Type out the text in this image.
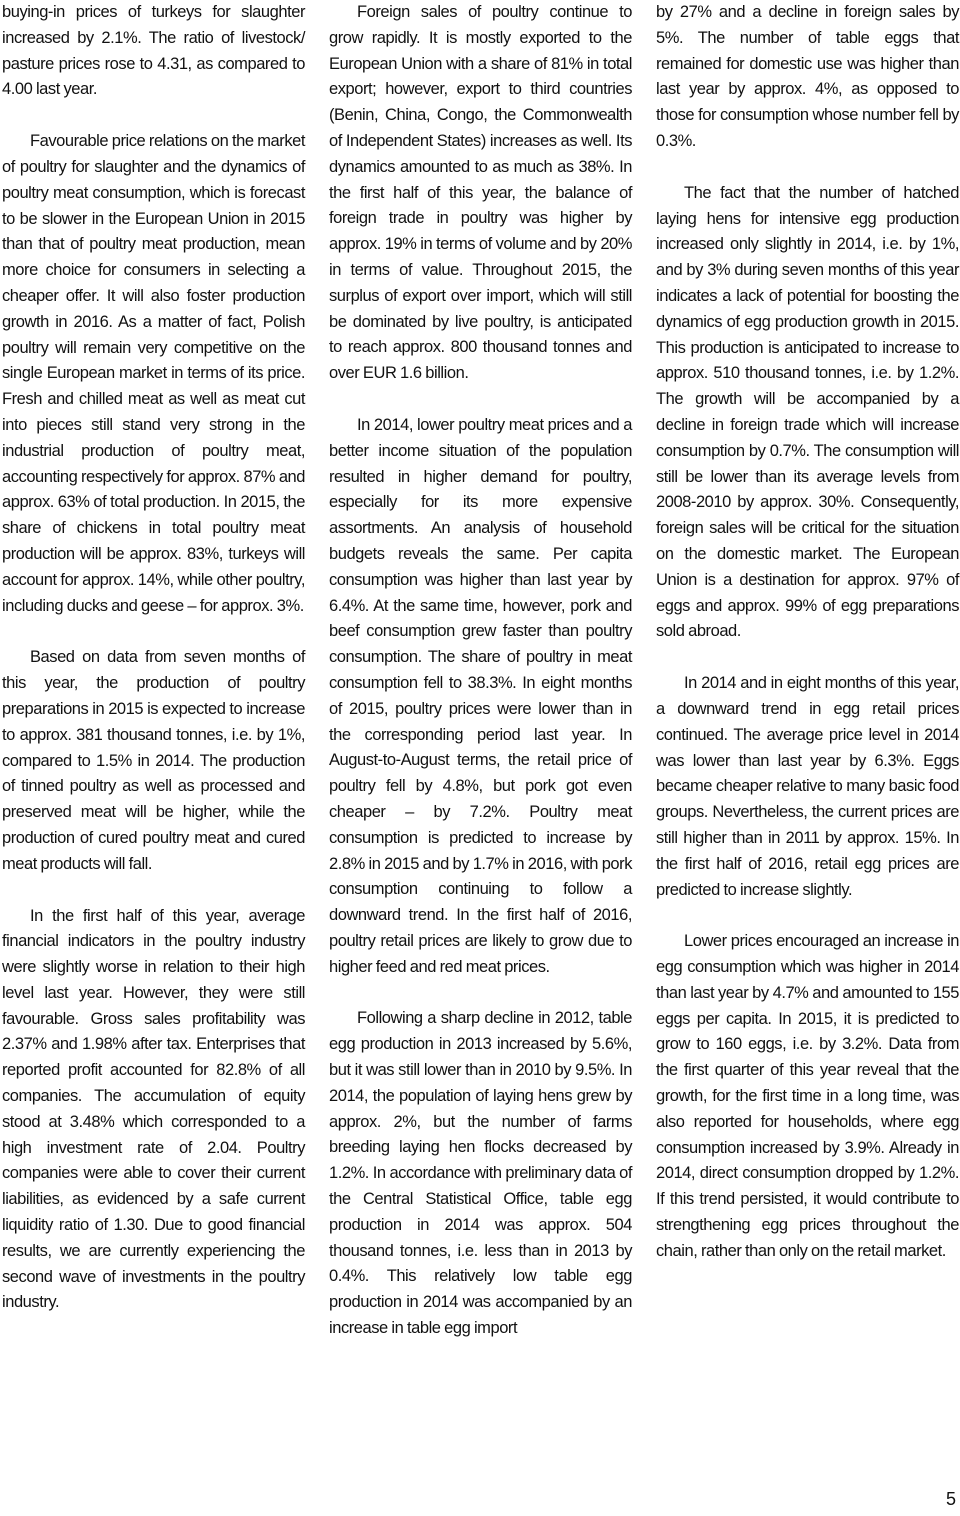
buying-in prices of turkeys for slaughter increased by 2.1%. The ratio of livestock/ pasture prices rose to 4.31, as compared to 4.00 last year.

Favourable price relations on the market of poultry for slaughter and the dynamics of poultry meat consumption, which is forecast to be slower in the European Union in 2015 than that of poultry meat production, mean more choice for consumers in selecting a cheaper offer. It will also foster production growth in 2016. As a matter of fact, Polish poultry will remain very competitive on the single European market in terms of its price. Fresh and chilled meat as well as meat cut into pieces still stand very strong in the industrial production of poultry meat, accounting respectively for approx. 87% and approx. 63% of total production. In 2015, the share of chickens in total poultry meat production will be approx. 83%, turkeys will account for approx. 14%, while other poultry, including ducks and geese – for approx. 3%.

Based on data from seven months of this year, the production of poultry preparations in 2015 is expected to increase to approx. 381 thousand tonnes, i.e. by 1%, compared to 1.5% in 2014. The production of tinned poultry as well as processed and preserved meat will be higher, while the production of cured poultry meat and cured meat products will fall.

In the first half of this year, average financial indicators in the poultry industry were slightly worse in relation to their high level last year. However, they were still favourable. Gross sales profitability was 2.37% and 1.98% after tax. Enterprises that reported profit accounted for 82.8% of all companies. The accumulation of equity stood at 3.48% which corresponded to a high investment rate of 2.04. Poultry companies were able to cover their current liabilities, as evidenced by a safe current liquidity ratio of 1.30. Due to good financial results, we are currently experiencing the second wave of investments in the poultry industry.

Foreign sales of poultry continue to grow rapidly. It is mostly exported to the European Union with a share of 81% in total export; however, export to third countries (Benin, China, Congo, the Commonwealth of Independent States) increases as well. Its dynamics amounted to as much as 38%. In the first half of this year, the balance of foreign trade in poultry was higher by approx. 19% in terms of volume and by 20% in terms of value. Throughout 2015, the surplus of export over import, which will still be dominated by live poultry, is anticipated to reach approx. 800 thousand tonnes and over EUR 1.6 billion.

In 2014, lower poultry meat prices and a better income situation of the population resulted in higher demand for poultry, especially for its more expensive assortments. An analysis of household budgets reveals the same. Per capita consumption was higher than last year by 6.4%. At the same time, however, pork and beef consumption grew faster than poultry consumption. The share of poultry in meat consumption fell to 38.3%. In eight months of 2015, poultry prices were lower than in the corresponding period last year. In August-to-August terms, the retail price of poultry fell by 4.8%, but pork got even cheaper – by 7.2%. Poultry meat consumption is predicted to increase by 2.8% in 2015 and by 1.7% in 2016, with pork consumption continuing to follow a downward trend. In the first half of 2016, poultry retail prices are likely to grow due to higher feed and red meat prices.

Following a sharp decline in 2012, table egg production in 2013 increased by 5.6%, but it was still lower than in 2010 by 9.5%. In 2014, the population of laying hens grew by approx. 2%, but the number of farms breeding laying hen flocks decreased by 1.2%. In accordance with preliminary data of the Central Statistical Office, table egg production in 2014 was approx. 504 thousand tonnes, i.e. less than in 2013 by 0.4%. This relatively low table egg production in 2014 was accompanied by an increase in table egg import

by 27% and a decline in foreign sales by 5%. The number of table eggs that remained for domestic use was higher than last year by approx. 4%, as opposed to those for consumption whose number fell by 0.3%.

The fact that the number of hatched laying hens for intensive egg production increased only slightly in 2014, i.e. by 1%, and by 3% during seven months of this year indicates a lack of potential for boosting the dynamics of egg production growth in 2015. This production is anticipated to increase to approx. 510 thousand tonnes, i.e. by 1.2%. The growth will be accompanied by a decline in foreign trade which will increase consumption by 0.7%. The consumption will still be lower than its average levels from 2008-2010 by approx. 30%. Consequently, foreign sales will be critical for the situation on the domestic market. The European Union is a destination for approx. 97% of eggs and approx. 99% of egg preparations sold abroad.

In 2014 and in eight months of this year, a downward trend in egg retail prices continued. The average price level in 2014 was lower than last year by 6.3%. Eggs became cheaper relative to many basic food groups. Nevertheless, the current prices are still higher than in 2011 by approx. 15%. In the first half of 2016, retail egg prices are predicted to increase slightly.

Lower prices encouraged an increase in egg consumption which was higher in 2014 than last year by 4.7% and amounted to 155 eggs per capita. In 2015, it is predicted to grow to 160 eggs, i.e. by 3.2%. Data from the first quarter of this year reveal that the growth, for the first time in a long time, was also reported for households, where egg consumption increased by 3.9%. Already in 2014, direct consumption dropped by 1.2%. If this trend persisted, it would contribute to strengthening egg prices throughout the chain, rather than only on the retail market.

5
